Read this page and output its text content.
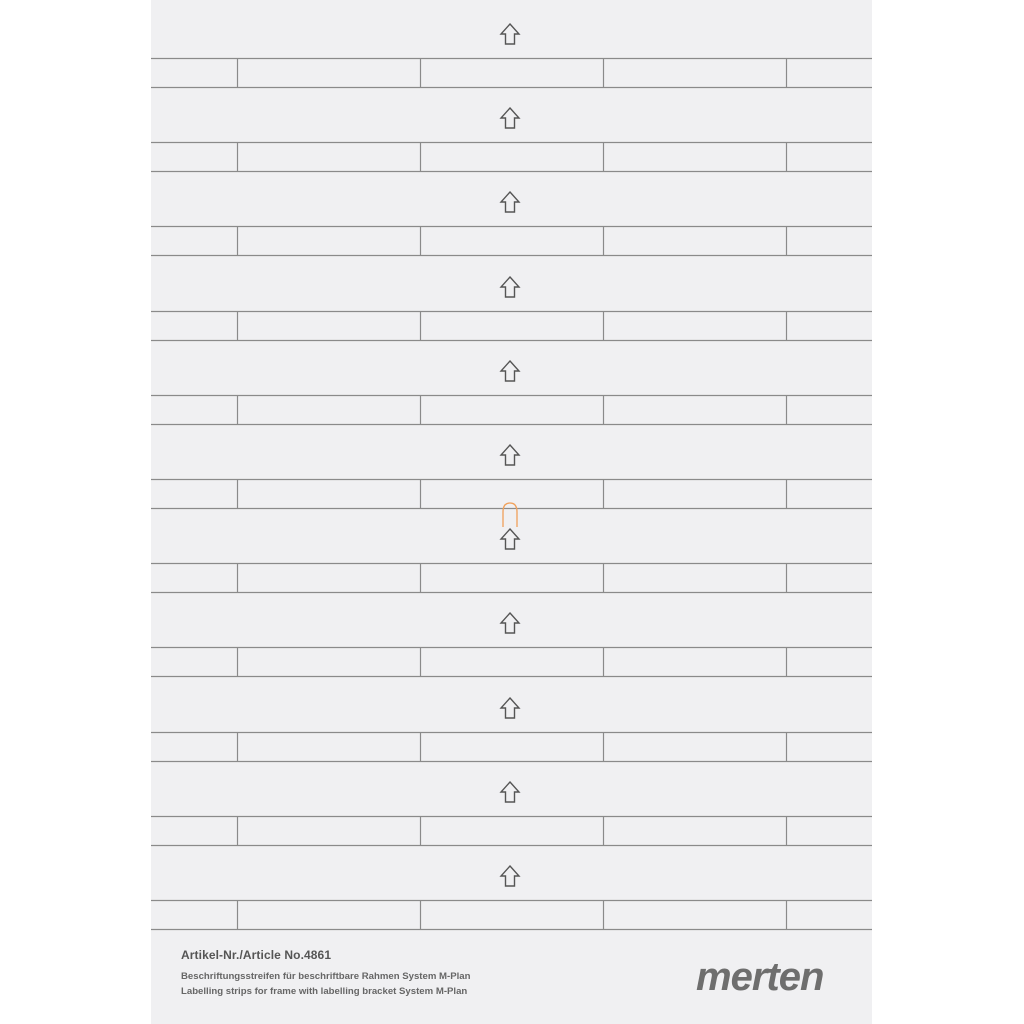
Artikel-Nr./Article No.4861
Beschriftungsstreifen für beschriftbare Rahmen System M-Plan
Labelling strips for frame with labelling bracket System M-Plan	merten
